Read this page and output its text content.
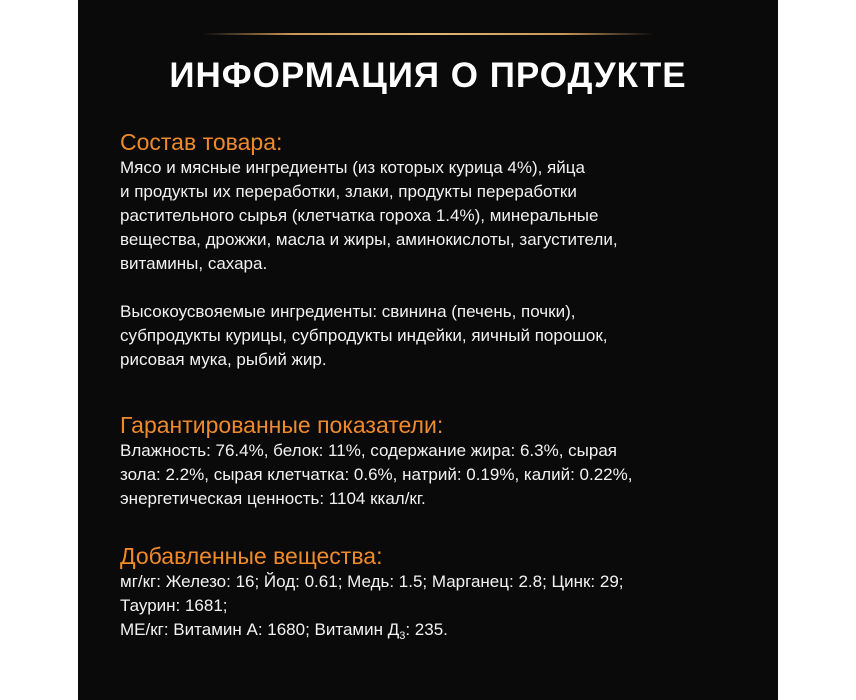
ИНФОРМАЦИЯ О ПРОДУКТЕ
Состав товара:
Мясо и мясные ингредиенты (из которых курица 4%), яйца
и продукты их переработки, злаки, продукты переработки
растительного сырья (клетчатка гороха 1.4%), минеральные
вещества, дрожжи, масла и жиры, аминокислоты, загустители,
витамины, сахара.
Высокоусвояемые ингредиенты: свинина (печень, почки),
субпродукты курицы, субпродукты индейки, яичный порошок,
рисовая мука, рыбий жир.
Гарантированные показатели:
Влажность: 76.4%, белок: 11%, содержание жира: 6.3%, сырая
зола: 2.2%, сырая клетчатка: 0.6%, натрий: 0.19%, калий: 0.22%,
энергетическая ценность: 1104 ккал/кг.
Добавленные вещества:
мг/кг: Железо: 16; Йод: 0.61; Медь: 1.5; Марганец: 2.8; Цинк: 29;
Таурин: 1681;
МЕ/кг: Витамин А: 1680; Витамин $Д_3$: 235.
